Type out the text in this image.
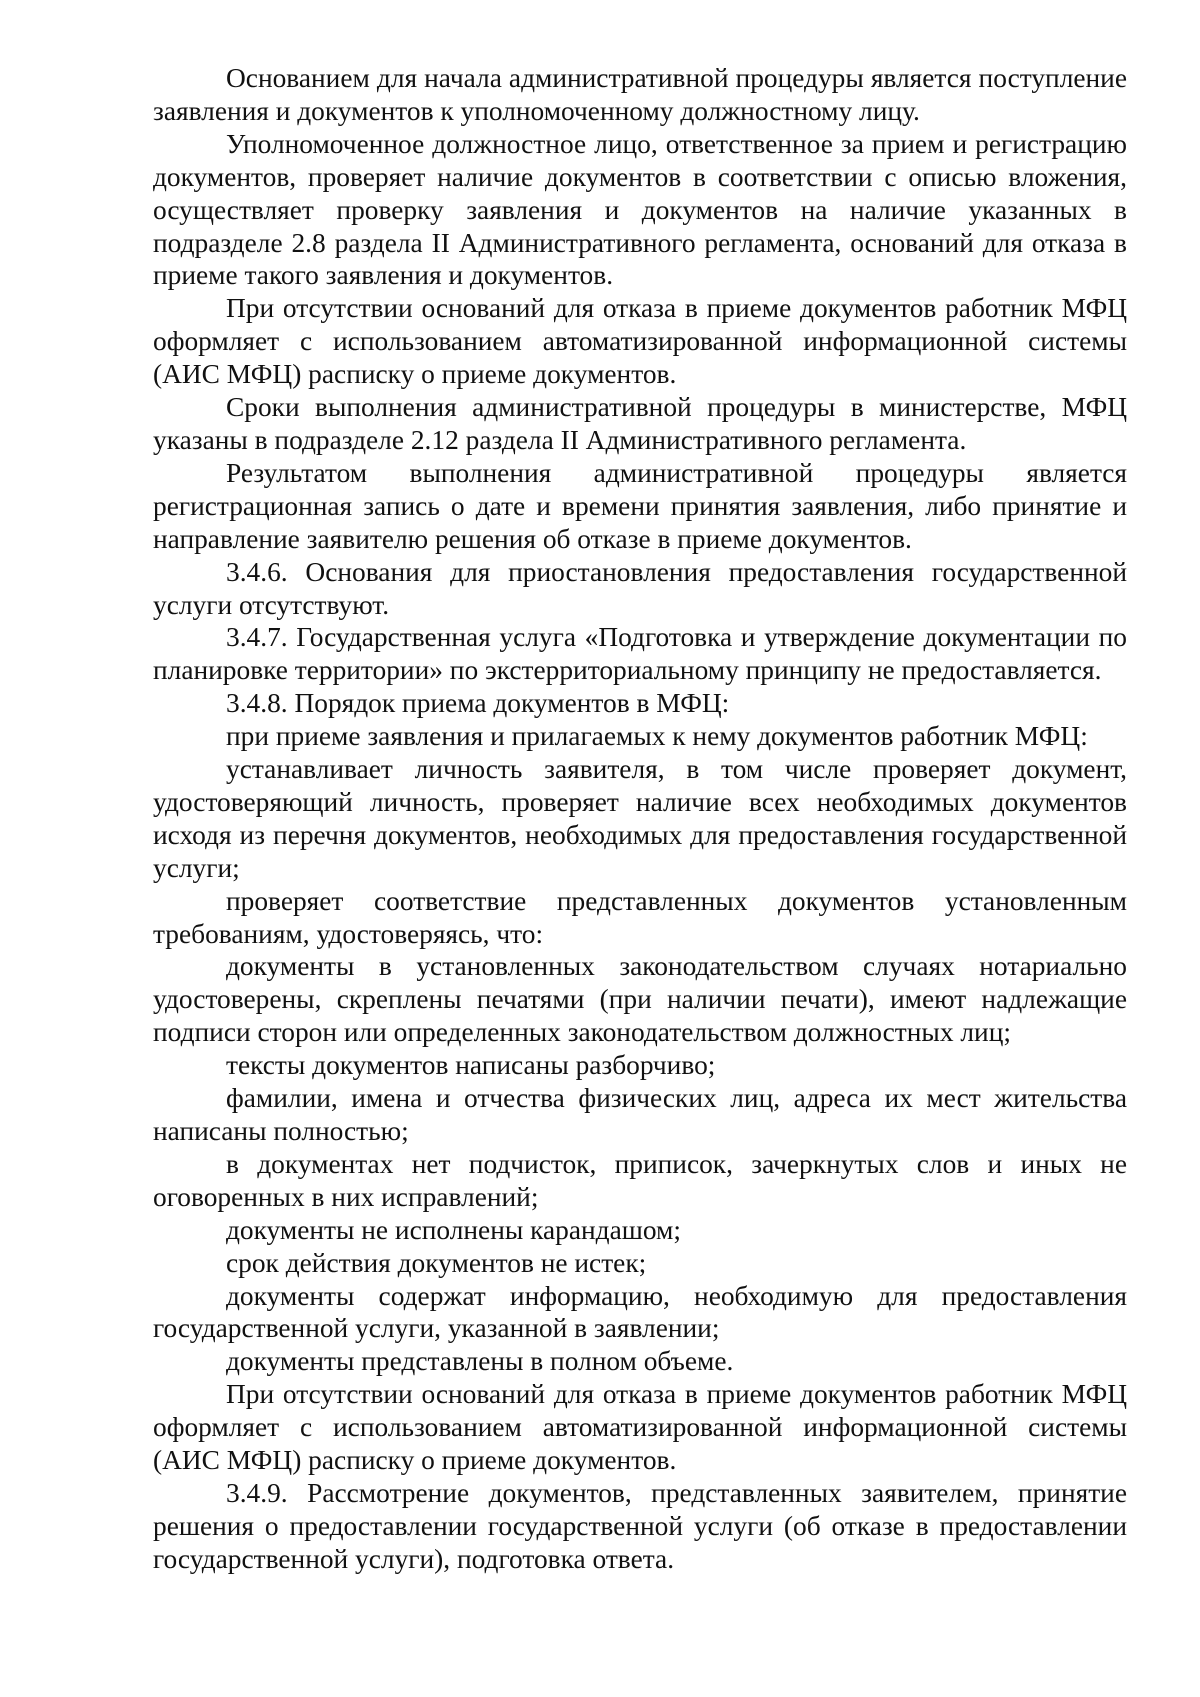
Основанием для начала административной процедуры является поступление заявления и документов к уполномоченному должностному лицу.

Уполномоченное должностное лицо, ответственное за прием и регистрацию документов, проверяет наличие документов в соответствии с описью вложения, осуществляет проверку заявления и документов на наличие указанных в подразделе 2.8 раздела II Административного регламента, оснований для отказа в приеме такого заявления и документов.

При отсутствии оснований для отказа в приеме документов работник МФЦ оформляет с использованием автоматизированной информационной системы (АИС МФЦ) расписку о приеме документов.

Сроки выполнения административной процедуры в министерстве, МФЦ указаны в подразделе 2.12 раздела II Административного регламента.

Результатом выполнения административной процедуры является регистрационная запись о дате и времени принятия заявления, либо принятие и направление заявителю решения об отказе в приеме документов.

3.4.6. Основания для приостановления предоставления государственной услуги отсутствуют.

3.4.7. Государственная услуга «Подготовка и утверждение документации по планировке территории» по экстерриториальному принципу не предоставляется.

3.4.8. Порядок приема документов в МФЦ:

при приеме заявления и прилагаемых к нему документов работник МФЦ:

устанавливает личность заявителя, в том числе проверяет документ, удостоверяющий личность, проверяет наличие всех необходимых документов исходя из перечня документов, необходимых для предоставления государственной услуги;

проверяет соответствие представленных документов установленным требованиям, удостоверяясь, что:

документы в установленных законодательством случаях нотариально удостоверены, скреплены печатями (при наличии печати), имеют надлежащие подписи сторон или определенных законодательством должностных лиц;

тексты документов написаны разборчиво;

фамилии, имена и отчества физических лиц, адреса их мест жительства написаны полностью;

в документах нет подчисток, приписок, зачеркнутых слов и иных не оговоренных в них исправлений;

документы не исполнены карандашом;

срок действия документов не истек;

документы содержат информацию, необходимую для предоставления государственной услуги, указанной в заявлении;

документы представлены в полном объеме.

При отсутствии оснований для отказа в приеме документов работник МФЦ оформляет с использованием автоматизированной информационной системы (АИС МФЦ) расписку о приеме документов.

3.4.9. Рассмотрение документов, представленных заявителем, принятие решения о предоставлении государственной услуги (об отказе в предоставлении государственной услуги), подготовка ответа.
